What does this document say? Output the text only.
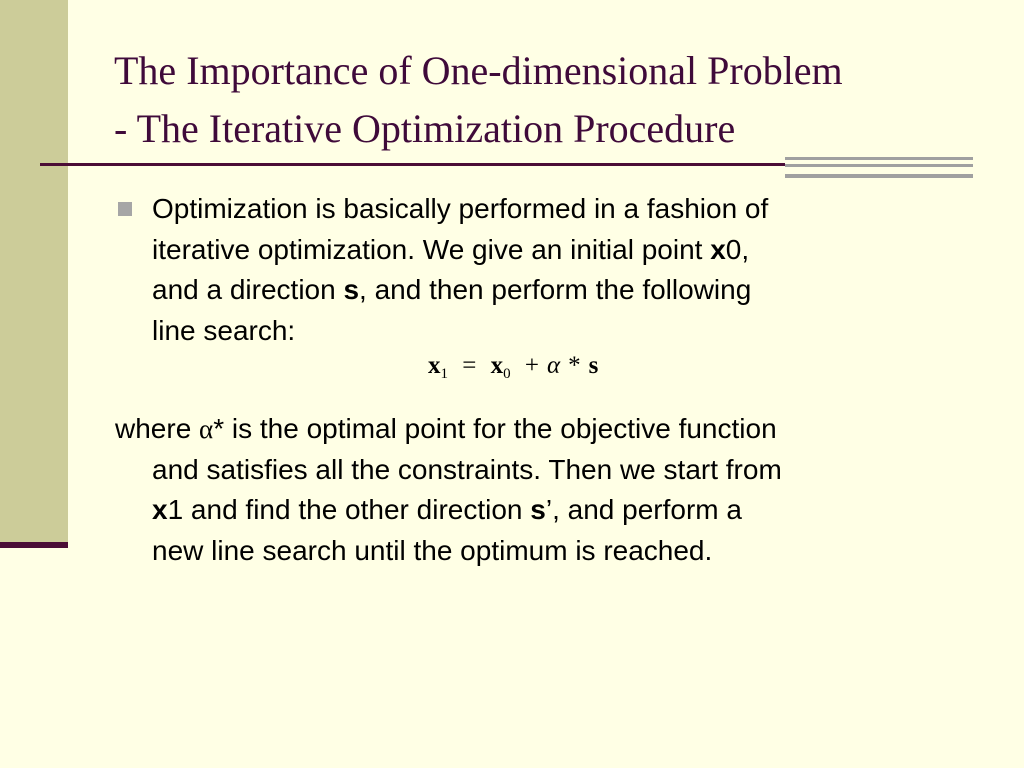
The Importance of One-dimensional Problem
- The Iterative Optimization Procedure
Optimization is basically performed in a fashion of
iterative optimization. We give an initial point x0,
and a direction s, and then perform the following
line search:
$x_1 = x_0 + \alpha * s$
where α* is the optimal point for the objective function
and satisfies all the constraints. Then we start from
x1 and find the other direction s’, and perform a
new line search until the optimum is reached.
